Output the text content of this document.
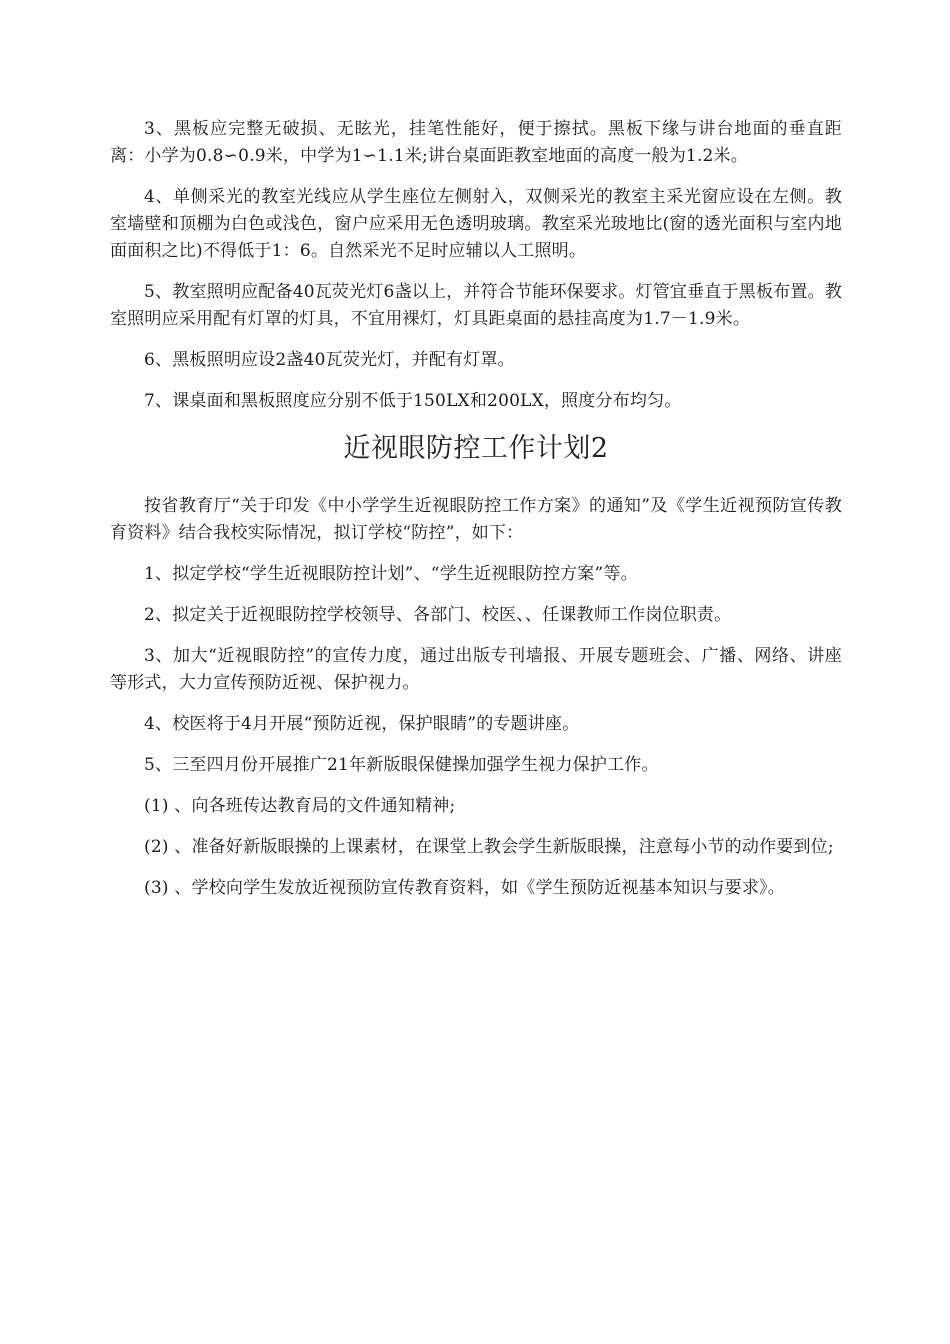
3、黑板应完整无破损、无眩光，挂笔性能好，便于擦拭。黑板下缘与讲台地面的垂直距离：小学为0.8∽0.9米，中学为1∽1.1米;讲台桌面距教室地面的高度一般为1.2米。

4、单侧采光的教室光线应从学生座位左侧射入，双侧采光的教室主采光窗应设在左侧。教室墙壁和顶棚为白色或浅色，窗户应采用无色透明玻璃。教室采光玻地比(窗的透光面积与室内地面面积之比)不得低于1：6。自然采光不足时应辅以人工照明。

5、教室照明应配备40瓦荧光灯6盏以上，并符合节能环保要求。灯管宜垂直于黑板布置。教室照明应采用配有灯罩的灯具，不宜用裸灯，灯具距桌面的悬挂高度为1.7－1.9米。

6、黑板照明应设2盏40瓦荧光灯，并配有灯罩。

7、课桌面和黑板照度应分别不低于150LX和200LX，照度分布均匀。

近视眼防控工作计划2

按省教育厅“关于印发《中小学学生近视眼防控工作方案》的通知”及《学生近视预防宣传教育资料》结合我校实际情况，拟订学校“防控”，如下：

1、拟定学校“学生近视眼防控计划”、“学生近视眼防控方案”等。

2、拟定关于近视眼防控学校领导、各部门、校医、、任课教师工作岗位职责。

3、加大“近视眼防控”的宣传力度，通过出版专刊墙报、开展专题班会、广播、网络、讲座等形式，大力宣传预防近视、保护视力。

4、校医将于4月开展“预防近视，保护眼睛”的专题讲座。

5、三至四月份开展推广21年新版眼保健操加强学生视力保护工作。

(1) 、向各班传达教育局的文件通知精神;

(2) 、准备好新版眼操的上课素材，在课堂上教会学生新版眼操，注意每小节的动作要到位;

(3) 、学校向学生发放近视预防宣传教育资料，如《学生预防近视基本知识与要求》。
